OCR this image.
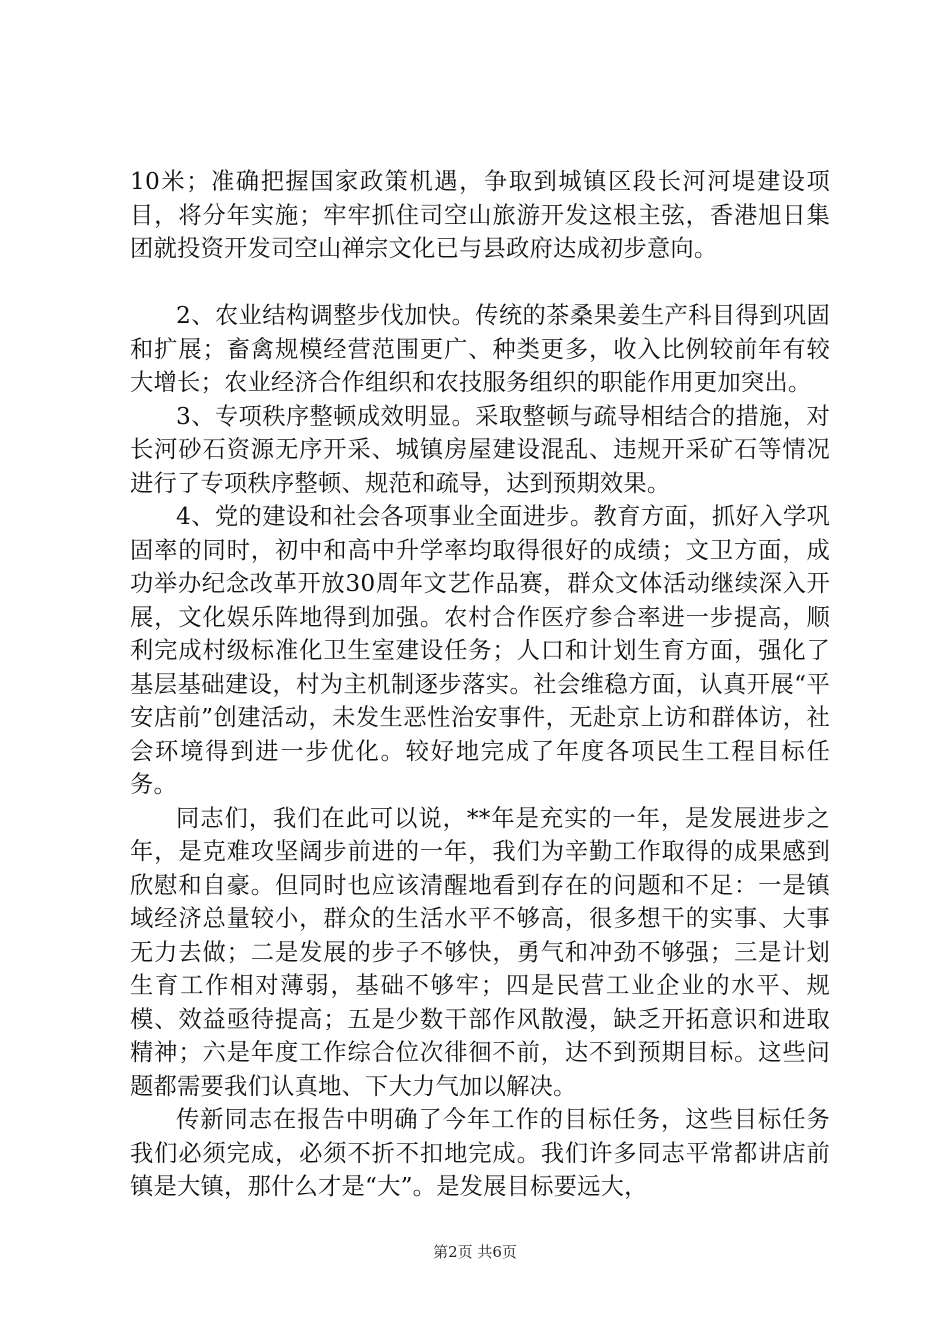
10米；准确把握国家政策机遇，争取到城镇区段长河河堤建设项目，将分年实施；牢牢抓住司空山旅游开发这根主弦，香港旭日集团就投资开发司空山禅宗文化已与县政府达成初步意向。

2、农业结构调整步伐加快。传统的茶桑果姜生产科目得到巩固和扩展；畜禽规模经营范围更广、种类更多，收入比例较前年有较大增长；农业经济合作组织和农技服务组织的职能作用更加突出。

3、专项秩序整顿成效明显。采取整顿与疏导相结合的措施，对长河砂石资源无序开采、城镇房屋建设混乱、违规开采矿石等情况进行了专项秩序整顿、规范和疏导，达到预期效果。

4、党的建设和社会各项事业全面进步。教育方面，抓好入学巩固率的同时，初中和高中升学率均取得很好的成绩；文卫方面，成功举办纪念改革开放30周年文艺作品赛，群众文体活动继续深入开展，文化娱乐阵地得到加强。农村合作医疗参合率进一步提高，顺利完成村级标准化卫生室建设任务；人口和计划生育方面，强化了基层基础建设，村为主机制逐步落实。社会维稳方面，认真开展“平安店前”创建活动，未发生恶性治安事件，无赴京上访和群体访，社会环境得到进一步优化。较好地完成了年度各项民生工程目标任务。

同志们，我们在此可以说，**年是充实的一年，是发展进步之年，是克难攻坚阔步前进的一年，我们为辛勤工作取得的成果感到欣慰和自豪。但同时也应该清醒地看到存在的问题和不足：一是镇域经济总量较小，群众的生活水平不够高，很多想干的实事、大事无力去做；二是发展的步子不够快，勇气和冲劲不够强；三是计划生育工作相对薄弱，基础不够牢；四是民营工业企业的水平、规模、效益亟待提高；五是少数干部作风散漫，缺乏开拓意识和进取精神；六是年度工作综合位次徘徊不前，达不到预期目标。这些问题都需要我们认真地、下大力气加以解决。

传新同志在报告中明确了今年工作的目标任务，这些目标任务我们必须完成，必须不折不扣地完成。我们许多同志平常都讲店前镇是大镇，那什么才是“大”。是发展目标要远大，

第2页 共6页
